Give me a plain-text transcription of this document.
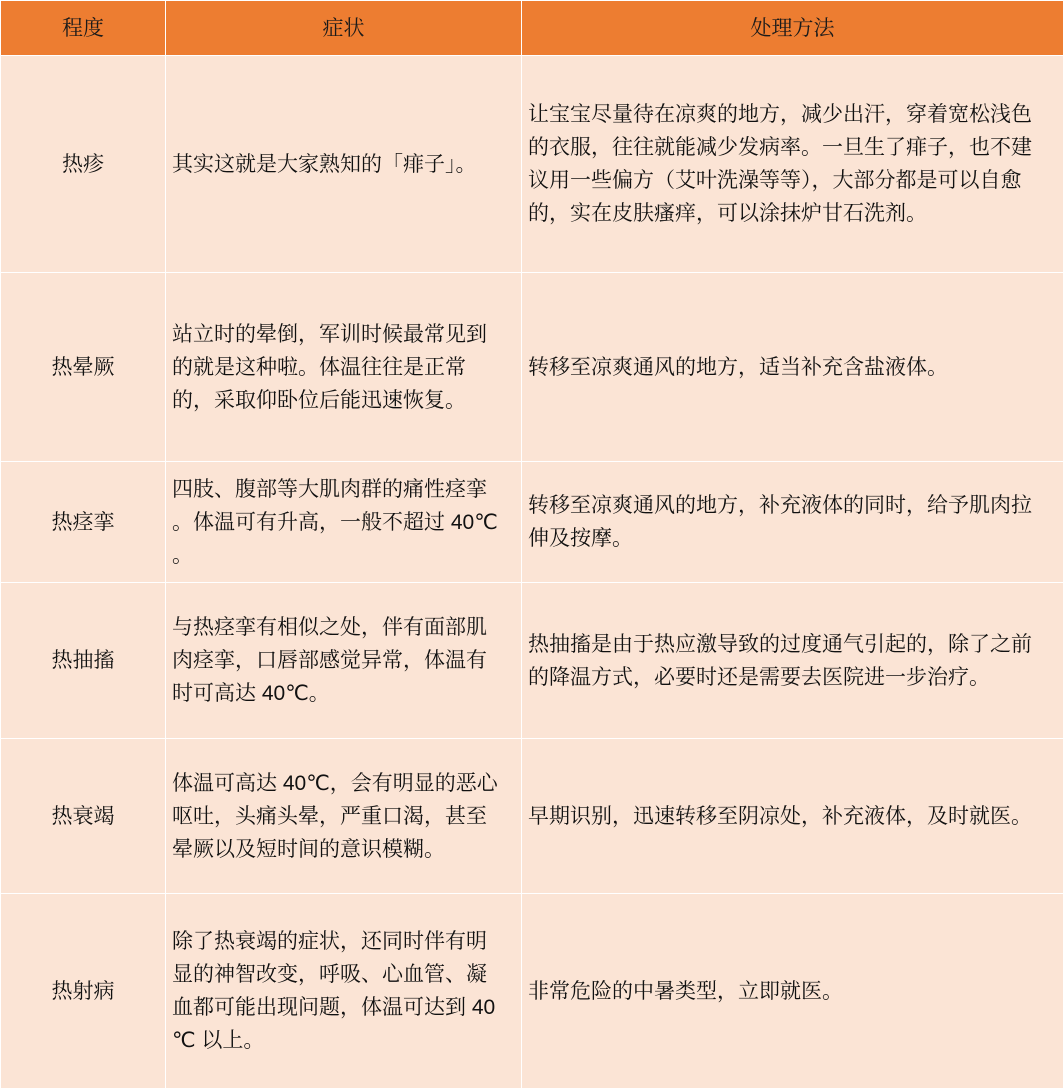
程度	症状	处理方法
热疹	其实这就是大家熟知的「痱子」。	让宝宝尽量待在凉爽的地方，减少出汗，穿着宽松浅色
的衣服，往往就能减少发病率。一旦生了痱子，也不建
议用一些偏方（艾叶洗澡等等），大部分都是可以自愈
的，实在皮肤瘙痒，可以涂抹炉甘石洗剂。
热晕厥	站立时的晕倒，军训时候最常见到
的就是这种啦。体温往往是正常
的，采取仰卧位后能迅速恢复。	转移至凉爽通风的地方，适当补充含盐液体。
热痉挛	四肢、腹部等大肌肉群的痛性痉挛
。体温可有升高，一般不超过 40℃
。	转移至凉爽通风的地方，补充液体的同时，给予肌肉拉
伸及按摩。
热抽搐	与热痉挛有相似之处，伴有面部肌
肉痉挛，口唇部感觉异常，体温有
时可高达 40℃。	热抽搐是由于热应激导致的过度通气引起的，除了之前
的降温方式，必要时还是需要去医院进一步治疗。
热衰竭	体温可高达 40℃，会有明显的恶心
呕吐，头痛头晕，严重口渴，甚至
晕厥以及短时间的意识模糊。	早期识别，迅速转移至阴凉处，补充液体，及时就医。
热射病	除了热衰竭的症状，还同时伴有明
显的神智改变，呼吸、心血管、凝
血都可能出现问题，体温可达到 40
℃ 以上。	非常危险的中暑类型，立即就医。
